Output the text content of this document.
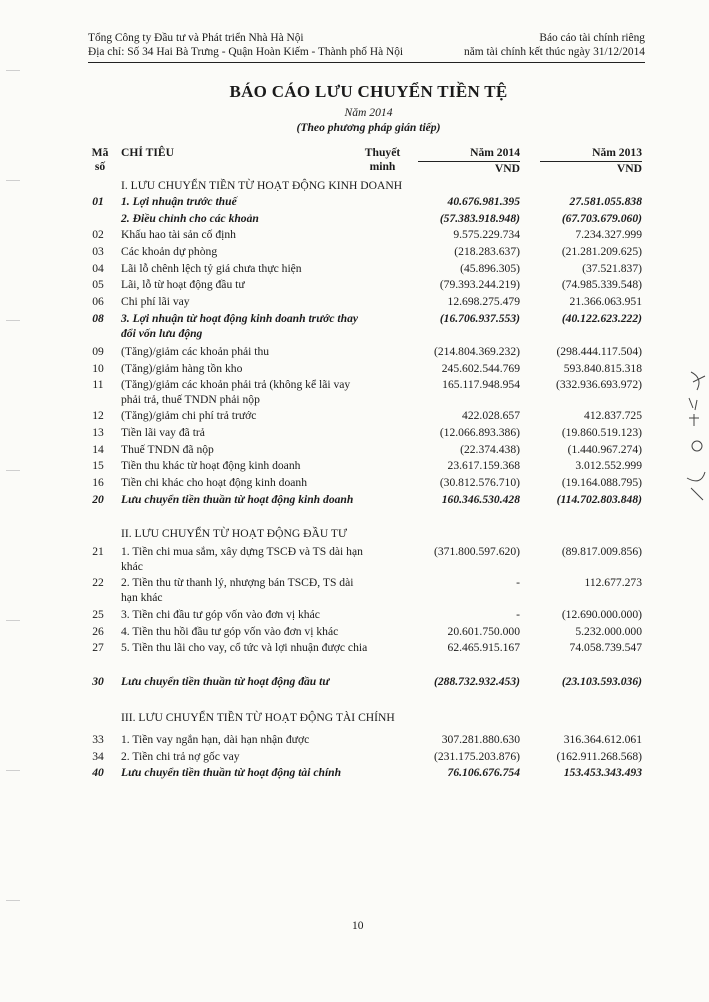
Tổng Công ty Đầu tư và Phát triển Nhà Hà Nội
Địa chỉ: Số 34 Hai Bà Trưng - Quận Hoàn Kiếm - Thành phố Hà Nội
Báo cáo tài chính riêng
năm tài chính kết thúc ngày 31/12/2014
BÁO CÁO LƯU CHUYỂN TIỀN TỆ
Năm 2014
(Theo phương pháp gián tiếp)
Mã
số
CHỈ TIÊU	Thuyết
minh
Năm 2014
VND
Năm 2013
VND
I. LƯU CHUYỂN TIỀN TỪ HOẠT ĐỘNG KINH DOANH
01	1. Lợi nhuận trước thuế	40.676.981.395	27.581.055.838
2. Điều chỉnh cho các khoản	(57.383.918.948)	(67.703.679.060)
02	Khấu hao tài sản cố định	9.575.229.734	7.234.327.999
03	Các khoản dự phòng	(218.283.637)	(21.281.209.625)
04	Lãi lỗ chênh lệch tỷ giá chưa thực hiện	(45.896.305)	(37.521.837)
05	Lãi, lỗ từ hoạt động đầu tư	(79.393.244.219)	(74.985.339.548)
06	Chi phí lãi vay	12.698.275.479	21.366.063.951
08	3. Lợi nhuận từ hoạt động kinh doanh trước thay đổi vốn lưu động
(16.706.937.553)	(40.122.623.222)
09	(Tăng)/giảm các khoản phải thu	(214.804.369.232)	(298.444.117.504)
10	(Tăng)/giảm hàng tồn kho	245.602.544.769	593.840.815.318
11	(Tăng)/giảm các khoản phải trả (không kể lãi vay phải trả, thuế TNDN phải nộp
165.117.948.954	(332.936.693.972)
12	(Tăng)/giảm chi phí trả trước	422.028.657	412.837.725
13	Tiền lãi vay đã trả	(12.066.893.386)	(19.860.519.123)
14	Thuế TNDN đã nộp	(22.374.438)	(1.440.967.274)
15	Tiền thu khác từ hoạt động kinh doanh	23.617.159.368	3.012.552.999
16	Tiền chi khác cho hoạt động kinh doanh	(30.812.576.710)	(19.164.088.795)
20	Lưu chuyển tiền thuần từ hoạt động kinh doanh	160.346.530.428	(114.702.803.848)
II. LƯU CHUYỂN TỪ HOẠT ĐỘNG ĐẦU TƯ
21	1. Tiền chi mua sắm, xây dựng TSCĐ và TS dài hạn khác
(371.800.597.620)	(89.817.009.856)
22	2. Tiền thu từ thanh lý, nhượng bán TSCĐ, TS dài hạn khác
-	112.677.273
25	3. Tiền chi đầu tư góp vốn vào đơn vị khác	-	(12.690.000.000)
26	4. Tiền thu hồi đầu tư góp vốn vào đơn vị khác	20.601.750.000	5.232.000.000
27	5. Tiền thu lãi cho vay, cổ tức và lợi nhuận được chia	62.465.915.167	74.058.739.547
30	Lưu chuyển tiền thuần từ hoạt động đầu tư	(288.732.932.453)	(23.103.593.036)
III. LƯU CHUYỂN TIỀN TỪ HOẠT ĐỘNG TÀI CHÍNH
33	1. Tiền vay ngắn hạn, dài hạn nhận được	307.281.880.630	316.364.612.061
34	2. Tiền chi trả nợ gốc vay	(231.175.203.876)	(162.911.268.568)
40	Lưu chuyển tiền thuần từ hoạt động tài chính	76.106.676.754	153.453.343.493
10
